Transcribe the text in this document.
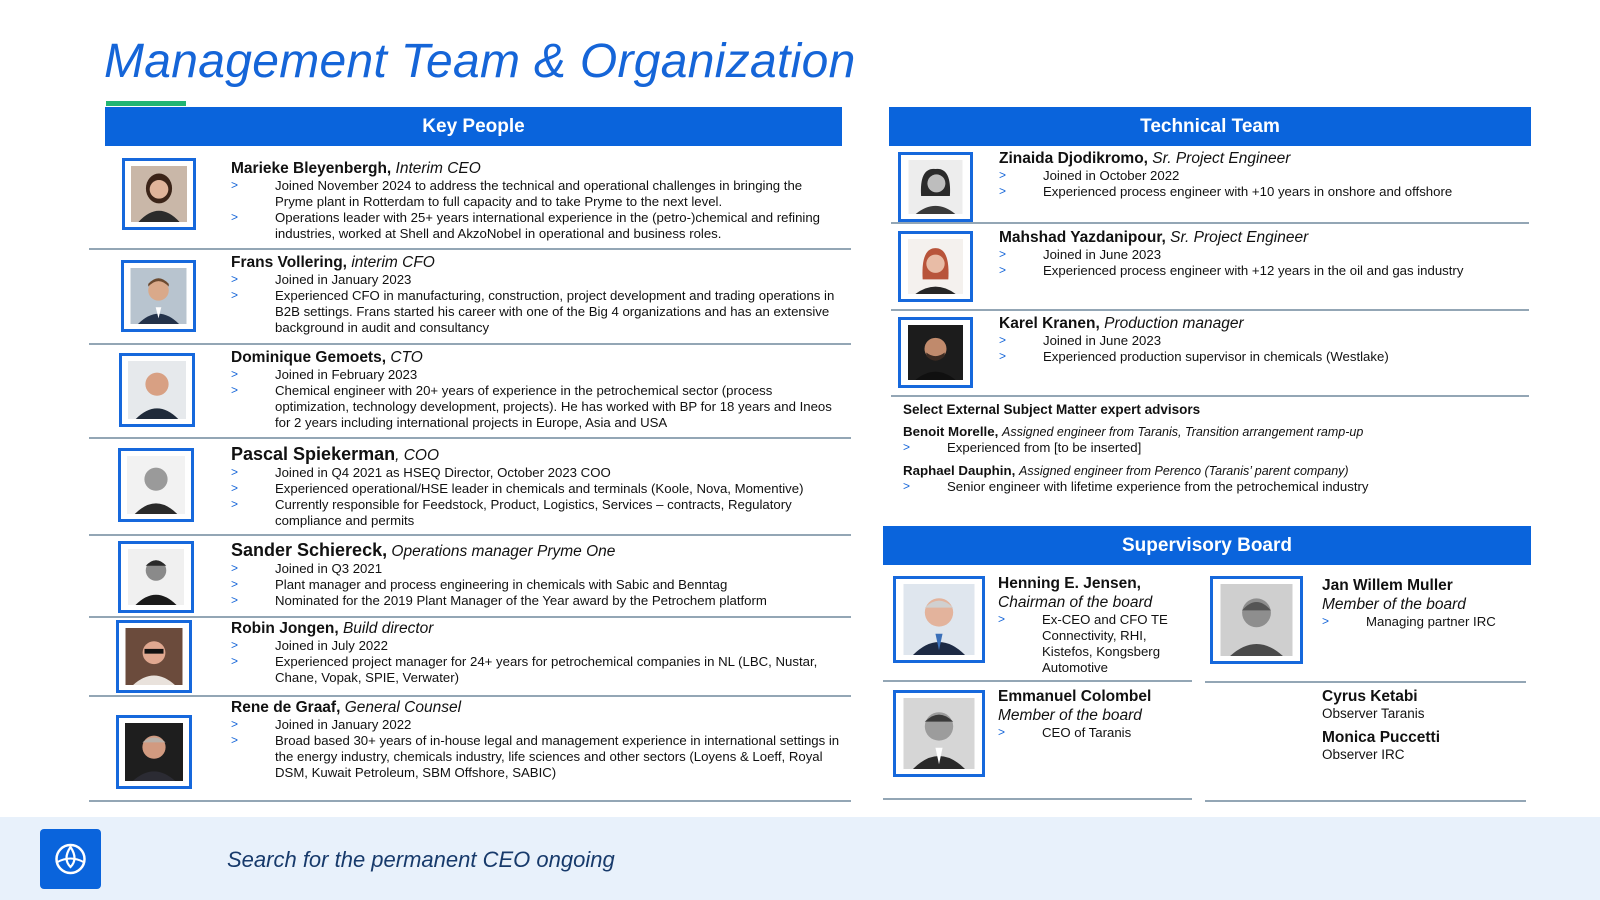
Management Team & Organization
Key People
Marieke Bleyenbergh, Interim CEO
> Joined November 2024 to address the technical and operational challenges in bringing the Pryme plant in Rotterdam to full capacity and to take Pryme to the next level.
> Operations leader with 25+ years international experience in the (petro-)chemical and refining industries, worked at Shell and AkzoNobel in operational and business roles.
Frans Vollering, interim CFO
> Joined in January 2023
> Experienced CFO in manufacturing, construction, project development and trading operations in B2B settings. Frans started his career with one of the Big 4 organizations and has an extensive background in audit and consultancy
Dominique Gemoets, CTO
> Joined in February 2023
> Chemical engineer with 20+ years of experience in the petrochemical sector (process optimization, technology development, projects). He has worked with BP for 18 years and Ineos for 2 years including international projects in Europe, Asia and USA
Pascal Spiekerman, COO
> Joined in Q4 2021 as HSEQ Director, October 2023 COO
> Experienced operational/HSE leader in chemicals and terminals (Koole, Nova, Momentive)
> Currently responsible for Feedstock, Product, Logistics, Services – contracts, Regulatory compliance and permits
Sander Schiereck, Operations manager Pryme One
> Joined in Q3 2021
> Plant manager and process engineering in chemicals with Sabic and Benntag
> Nominated for the 2019 Plant Manager of the Year award by the Petrochem platform
Robin Jongen, Build director
> Joined in July 2022
> Experienced project manager for 24+ years for petrochemical companies in NL (LBC, Nustar, Chane, Vopak, SPIE, Verwater)
Rene de Graaf, General Counsel
> Joined in January 2022
> Broad based 30+ years of in-house legal and management experience in international settings in the energy industry, chemicals industry, life sciences and other sectors (Loyens & Loeff, Royal DSM, Kuwait Petroleum, SBM Offshore, SABIC)
Technical Team
Zinaida Djodikromo, Sr. Project Engineer
> Joined in October 2022
> Experienced process engineer with +10 years in onshore and offshore
Mahshad Yazdanipour, Sr. Project Engineer
> Joined in June 2023
> Experienced process engineer with +12 years in the oil and gas industry
Karel Kranen, Production manager
> Joined in June 2023
> Experienced production supervisor in chemicals (Westlake)
Select External Subject Matter expert advisors
Benoit Morelle, Assigned engineer from Taranis, Transition arrangement ramp-up
> Experienced from [to be inserted]
Raphael Dauphin, Assigned engineer from Perenco (Taranis’ parent company)
> Senior engineer with lifetime experience from the petrochemical industry
Supervisory Board
Henning E. Jensen,
Chairman of the board
> Ex-CEO and CFO TE Connectivity, RHI, Kistefos, Kongsberg Automotive
Jan Willem Muller
Member of the board
> Managing partner IRC
Emmanuel Colombel
Member of the board
> CEO of Taranis
Cyrus Ketabi
Observer Taranis
Monica Puccetti
Observer IRC
Search for the permanent CEO ongoing
